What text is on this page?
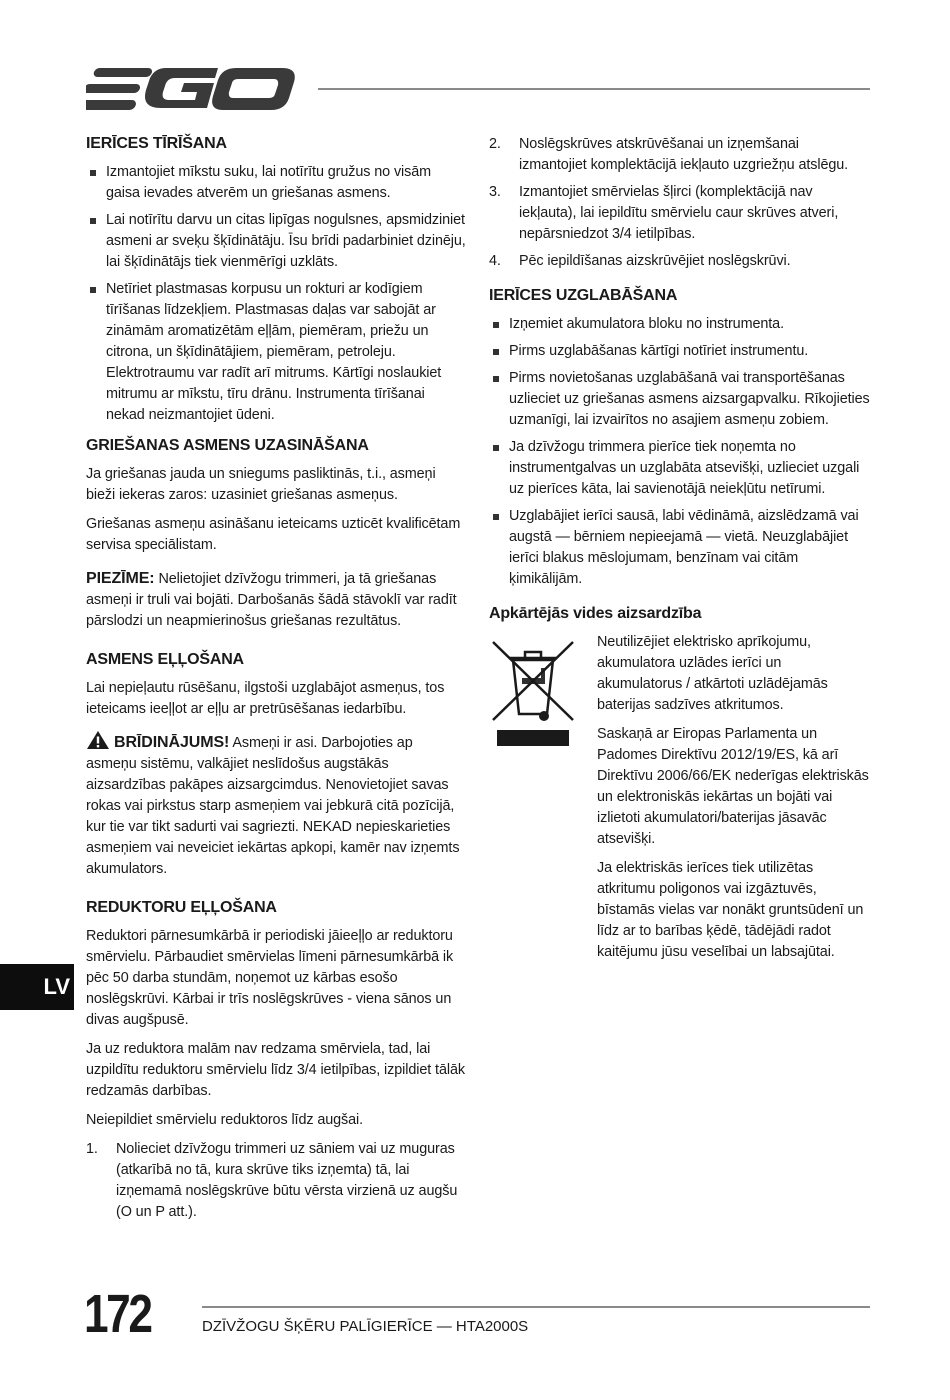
IERĪCES TĪRĪŠANA
Izmantojiet mīkstu suku, lai notīrītu gružus no visām gaisa ievades atverēm un griešanas asmens.
Lai notīrītu darvu un citas lipīgas nogulsnes, apsmidziniet asmeni ar sveķu šķīdinātāju. Īsu brīdi padarbiniet dzinēju, lai šķīdinātājs tiek vienmērīgi uzklāts.
Netīriet plastmasas korpusu un rokturi ar kodīgiem tīrīšanas līdzekļiem. Plastmasas daļas var sabojāt ar zināmām aromatizētām eļļām, piemēram, priežu un citrona, un šķīdinātājiem, piemēram, petroleju. Elektrotraumu var radīt arī mitrums. Kārtīgi noslaukiet mitrumu ar mīkstu, tīru drānu. Instrumenta tīrīšanai nekad neizmantojiet ūdeni.
GRIEŠANAS ASMENS UZASINĀŠANA

Ja griešanas jauda un sniegums pasliktinās, t.i., asmeņi bieži iekeras zaros: uzasiniet griešanas asmeņus.

Griešanas asmeņu asināšanu ieteicams uzticēt kvalificētam servisa speciālistam.

PIEZĪME: Nelietojiet dzīvžogu trimmeri, ja tā griešanas asmeņi ir truli vai bojāti. Darbošanās šādā stāvoklī var radīt pārslodzi un neapmierinošus griešanas rezultātus.

ASMENS EĻĻOŠANA

Lai nepieļautu rūsēšanu, ilgstoši uzglabājot asmeņus, tos ieteicams ieeļļot ar eļļu ar pretrūsēšanas iedarbību.

BRĪDINĀJUMS! Asmeņi ir asi. Darbojoties ap asmeņu sistēmu, valkājiet neslīdošus augstākās aizsardzības pakāpes aizsargcimdus. Nenovietojiet savas rokas vai pirkstus starp asmeņiem vai jebkurā citā pozīcijā, kur tie var tikt sadurti vai sagriezti. NEKAD nepieskarieties asmeņiem vai neveiciet iekārtas apkopi, kamēr nav izņemts akumulators.

REDUKTORU EĻĻOŠANA

Reduktori pārnesumkārbā ir periodiski jāieeļļo ar reduktoru smērvielu. Pārbaudiet smērvielas līmeni pārnesumkārbā ik pēc 50 darba stundām, noņemot uz kārbas esošo noslēgskrūvi. Kārbai ir trīs noslēgskrūves - viena sānos un divas augšpusē.

Ja uz reduktora malām nav redzama smērviela, tad, lai uzpildītu reduktoru smērvielu līdz 3/4 ietilpības, izpildiet tālāk redzamās darbības.

Neiepildiet smērvielu reduktoros līdz augšai.

1. Nolieciet dzīvžogu trimmeri uz sāniem vai uz muguras (atkarībā no tā, kura skrūve tiks izņemta) tā, lai izņemamā noslēgskrūve būtu vērsta virzienā uz augšu (O un P att.).
2. Noslēgskrūves atskrūvēšanai un izņemšanai izmantojiet komplektācijā iekļauto uzgriežņu atslēgu.
3. Izmantojiet smērvielas šļirci (komplektācijā nav iekļauta), lai iepildītu smērvielu caur skrūves atveri, nepārsniedzot 3/4 ietilpības.
4. Pēc iepildīšanas aizskrūvējiet noslēgskrūvi.
IERĪCES UZGLABĀŠANA
Izņemiet akumulatora bloku no instrumenta.
Pirms uzglabāšanas kārtīgi notīriet instrumentu.
Pirms novietošanas uzglabāšanā vai transportēšanas uzlieciet uz griešanas asmens aizsargapvalku. Rīkojieties uzmanīgi, lai izvairītos no asajiem asmeņu zobiem.
Ja dzīvžogu trimmera pierīce tiek noņemta no instrumentgalvas un uzglabāta atsevišķi, uzlieciet uzgali uz pierīces kāta, lai savienotājā neiekļūtu netīrumi.
Uzglabājiet ierīci sausā, labi vēdināmā, aizslēdzamā vai augstā — bērniem nepieejamā — vietā. Neuzglabājiet ierīci blakus mēslojumam, benzīnam vai citām ķimikālijām.
Apkārtējās vides aizsardzība

Neutilizējiet elektrisko aprīkojumu, akumulatora uzlādes ierīci un akumulatorus / atkārtoti uzlādējamās baterijas sadzīves atkritumos.

Saskaņā ar Eiropas Parlamenta un Padomes Direktīvu 2012/19/ES, kā arī Direktīvu 2006/66/EK nederīgas elektriskās un elektroniskās iekārtas un bojāti vai izlietoti akumulatori/baterijas jāsavāc atsevišķi.

Ja elektriskās ierīces tiek utilizētas atkritumu poligonos vai izgāztuvēs, bīstamās vielas var nonākt gruntsūdenī un līdz ar to barības ķēdē, tādējādi radot kaitējumu jūsu veselībai un labsajūtai.

LV
172	DZĪVŽOGU ŠĶĒRU PALĪGIERĪCE — HTA2000S
